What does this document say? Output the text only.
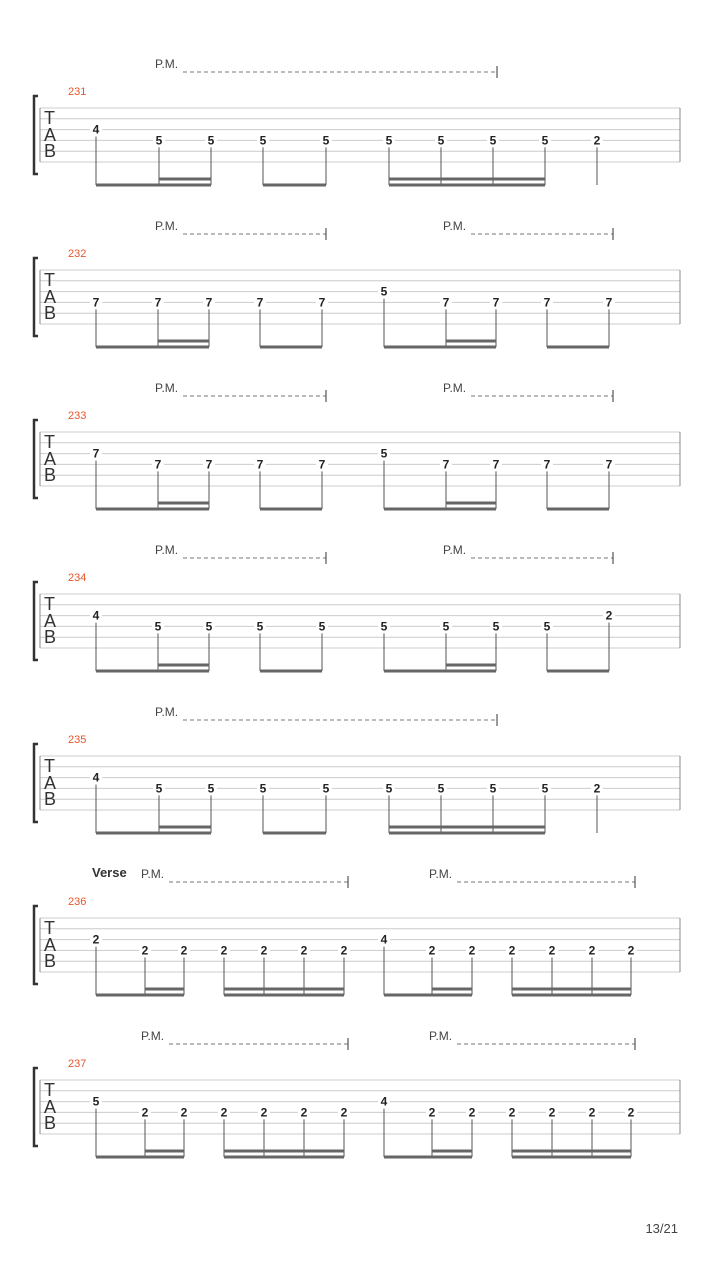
T
A
B
231
P.M.
4
5	5	5	5	5	5	5	5	2
T
A
B
232
P.M.	P.M.
7	7	7	7	7
5
7	7	7	7
T
A
B
233
P.M.	P.M.
7
7	7	7	7
5
7	7	7	7
T
A
B
234
P.M.	P.M.
4
5	5	5	5	5	5	5	5
2
T
A
B
235
P.M.
4
5	5	5	5	5	5	5	5	2
T
A
B
236
Verse P.M.	P.M.
2
2	2	2	2	2	2
4
2	2	2	2	2	2
T
A
B
237
P.M.	P.M.
5
2	2	2	2	2	2
4
2	2	2	2	2	2
13/21
